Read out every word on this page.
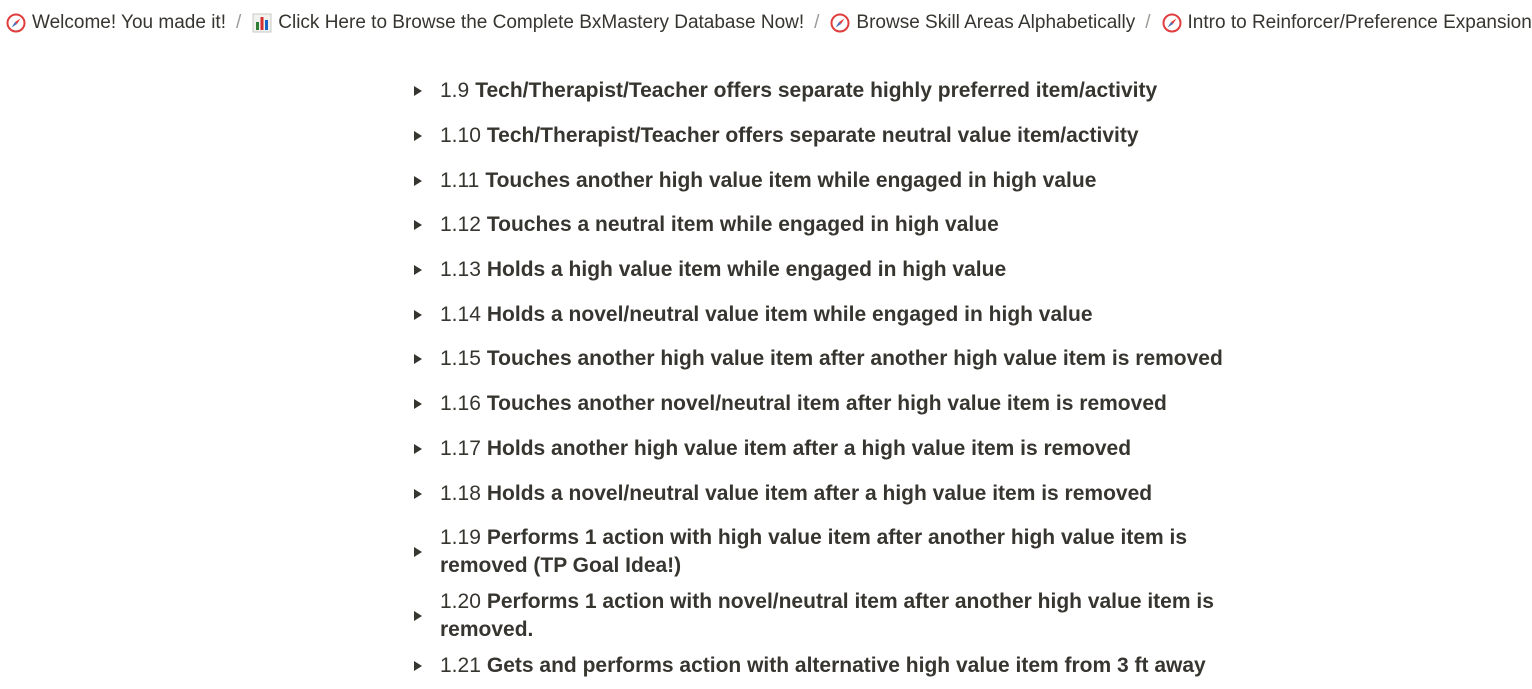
Welcome! You made it! / Click Here to Browse the Complete BxMastery Database Now! / Browse Skill Areas Alphabetically / Intro to Reinforcer/Preference Expansion
1.9 Tech/Therapist/Teacher offers separate highly preferred item/activity
1.10 Tech/Therapist/Teacher offers separate neutral value item/activity
1.11 Touches another high value item while engaged in high value
1.12 Touches a neutral item while engaged in high value
1.13 Holds a high value item while engaged in high value
1.14 Holds a novel/neutral value item while engaged in high value
1.15 Touches another high value item after another high value item is removed
1.16 Touches another novel/neutral item after high value item is removed
1.17 Holds another high value item after a high value item is removed
1.18 Holds a novel/neutral value item after a high value item is removed
1.19 Performs 1 action with high value item after another high value item is removed (TP Goal Idea!)
1.20 Performs 1 action with novel/neutral item after another high value item is removed.
1.21 Gets and performs action with alternative high value item from 3 ft away
